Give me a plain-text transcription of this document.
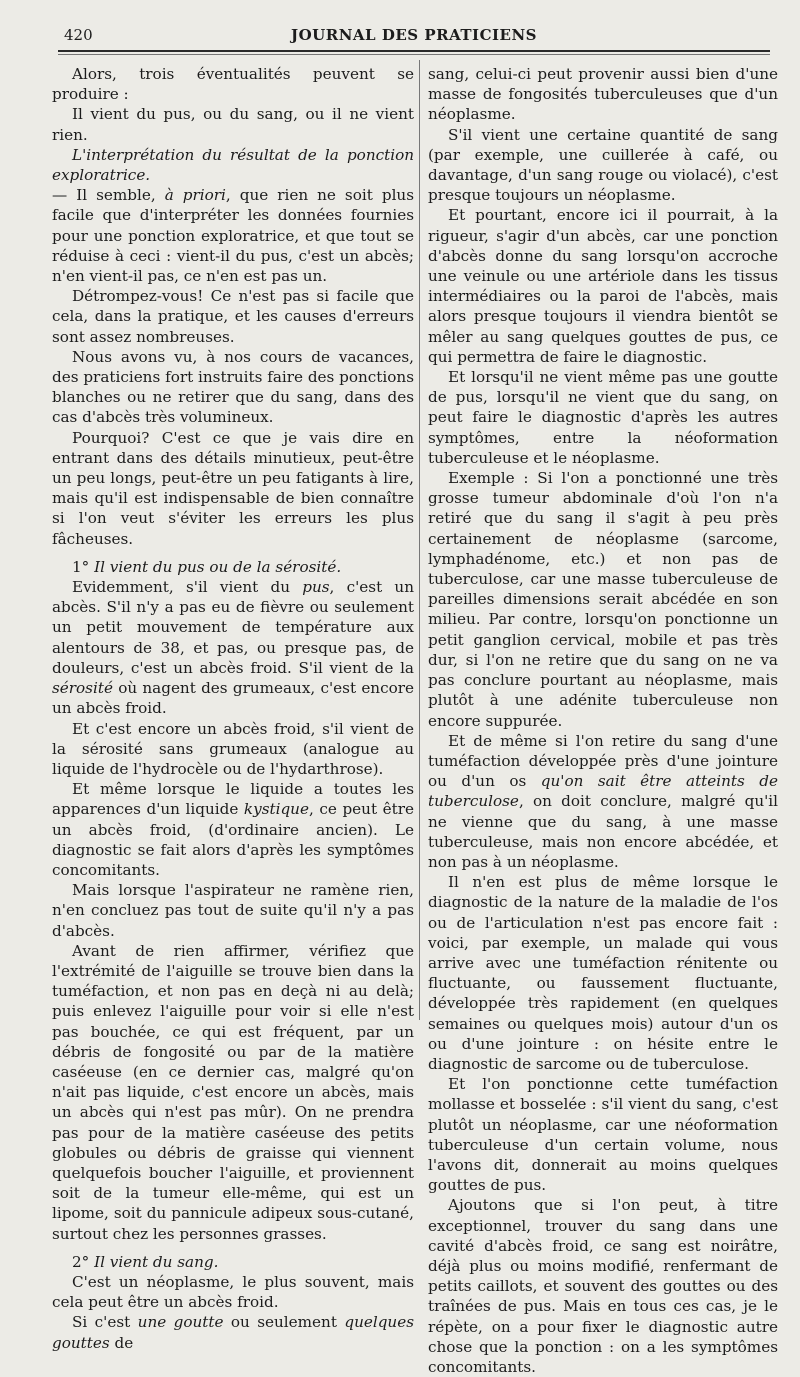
420	JOURNAL DES PRATICIENS

Alors, trois éventualités peuvent se produire :

Il vient du pus, ou du sang, ou il ne vient rien.

L'interprétation du résultat de la ponction exploratrice.
— Il semble, à priori, que rien ne soit plus facile que d'interpréter les données fournies pour une ponction exploratrice, et que tout se réduise à ceci : vient-il du pus, c'est un abcès; n'en vient-il pas, ce n'en est pas un.

Détrompez-vous! Ce n'est pas si facile que cela, dans la pratique, et les causes d'erreurs sont assez nombreuses.

Nous avons vu, à nos cours de vacances, des praticiens fort instruits faire des ponctions blanches ou ne retirer que du sang, dans des cas d'abcès très volumineux.

Pourquoi? C'est ce que je vais dire en entrant dans des détails minutieux, peut-être un peu longs, peut-être un peu fatigants à lire, mais qu'il est indispensable de bien connaître si l'on veut s'éviter les erreurs les plus fâcheuses.

1° Il vient du pus ou de la sérosité.

Evidemment, s'il vient du pus, c'est un abcès. S'il n'y a pas eu de fièvre ou seulement un petit mouvement de température aux alentours de 38, et pas, ou presque pas, de douleurs, c'est un abcès froid. S'il vient de la sérosité où nagent des grumeaux, c'est encore un abcès froid.

Et c'est encore un abcès froid, s'il vient de la sérosité sans grumeaux (analogue au liquide de l'hydrocèle ou de l'hydarthrose).

Et même lorsque le liquide a toutes les apparences d'un liquide kystique, ce peut être un abcès froid, (d'ordinaire ancien). Le diagnostic se fait alors d'après les symptômes concomitants.

Mais lorsque l'aspirateur ne ramène rien, n'en concluez pas tout de suite qu'il n'y a pas d'abcès.

Avant de rien affirmer, vérifiez que l'extrémité de l'aiguille se trouve bien dans la tuméfaction, et non pas en deçà ni au delà; puis enlevez l'aiguille pour voir si elle n'est pas bouchée, ce qui est fréquent, par un débris de fongosité ou par de la matière caséeuse (en ce dernier cas, malgré qu'on n'ait pas liquide, c'est encore un abcès, mais un abcès qui n'est pas mûr). On ne prendra pas pour de la matière caséeuse des petits globules ou débris de graisse qui viennent quelquefois boucher l'aiguille, et proviennent soit de la tumeur elle-même, qui est un lipome, soit du pannicule adipeux sous-cutané, surtout chez les personnes grasses.

2° Il vient du sang.

C'est un néoplasme, le plus souvent, mais cela peut être un abcès froid.

Si c'est une goutte ou seulement quelques gouttes de

sang, celui-ci peut provenir aussi bien d'une masse de fongosités tuberculeuses que d'un néoplasme.

S'il vient une certaine quantité de sang (par exemple, une cuillerée à café, ou davantage, d'un sang rouge ou violacé), c'est presque toujours un néoplasme.

Et pourtant, encore ici il pourrait, à la rigueur, s'agir d'un abcès, car une ponction d'abcès donne du sang lorsqu'on accroche une veinule ou une artériole dans les tissus intermédiaires ou la paroi de l'abcès, mais alors presque toujours il viendra bientôt se mêler au sang quelques gouttes de pus, ce qui permettra de faire le diagnostic.

Et lorsqu'il ne vient même pas une goutte de pus, lorsqu'il ne vient que du sang, on peut faire le diagnostic d'après les autres symptômes, entre la néoformation tuberculeuse et le néoplasme.

Exemple : Si l'on a ponctionné une très grosse tumeur abdominale d'où l'on n'a retiré que du sang il s'agit à peu près certainement de néoplasme (sarcome, lymphadénome, etc.) et non pas de tuberculose, car une masse tuberculeuse de pareilles dimensions serait abcédée en son milieu. Par contre, lorsqu'on ponctionne un petit ganglion cervical, mobile et pas très dur, si l'on ne retire que du sang on ne va pas conclure pourtant au néoplasme, mais plutôt à une adénite tuberculeuse non encore suppurée.

Et de même si l'on retire du sang d'une tuméfaction développée près d'une jointure ou d'un os qu'on sait être atteints de tuberculose, on doit conclure, malgré qu'il ne vienne que du sang, à une masse tuberculeuse, mais non encore abcédée, et non pas à un néoplasme.

Il n'en est plus de même lorsque le diagnostic de la nature de la maladie de l'os ou de l'articulation n'est pas encore fait : voici, par exemple, un malade qui vous arrive avec une tuméfaction rénitente ou fluctuante, ou faussement fluctuante, développée très rapidement (en quelques semaines ou quelques mois) autour d'un os ou d'une jointure : on hésite entre le diagnostic de sarcome ou de tuberculose.

Et l'on ponctionne cette tuméfaction mollasse et bosselée : s'il vient du sang, c'est plutôt un néoplasme, car une néoformation tuberculeuse d'un certain volume, nous l'avons dit, donnerait au moins quelques gouttes de pus.

Ajoutons que si l'on peut, à titre exceptionnel, trouver du sang dans une cavité d'abcès froid, ce sang est noirâtre, déjà plus ou moins modifié, renfermant de petits caillots, et souvent des gouttes ou des traînées de pus. Mais en tous ces cas, je le répète, on a pour fixer le diagnostic autre chose que la ponction : on a les symptômes concomitants.
